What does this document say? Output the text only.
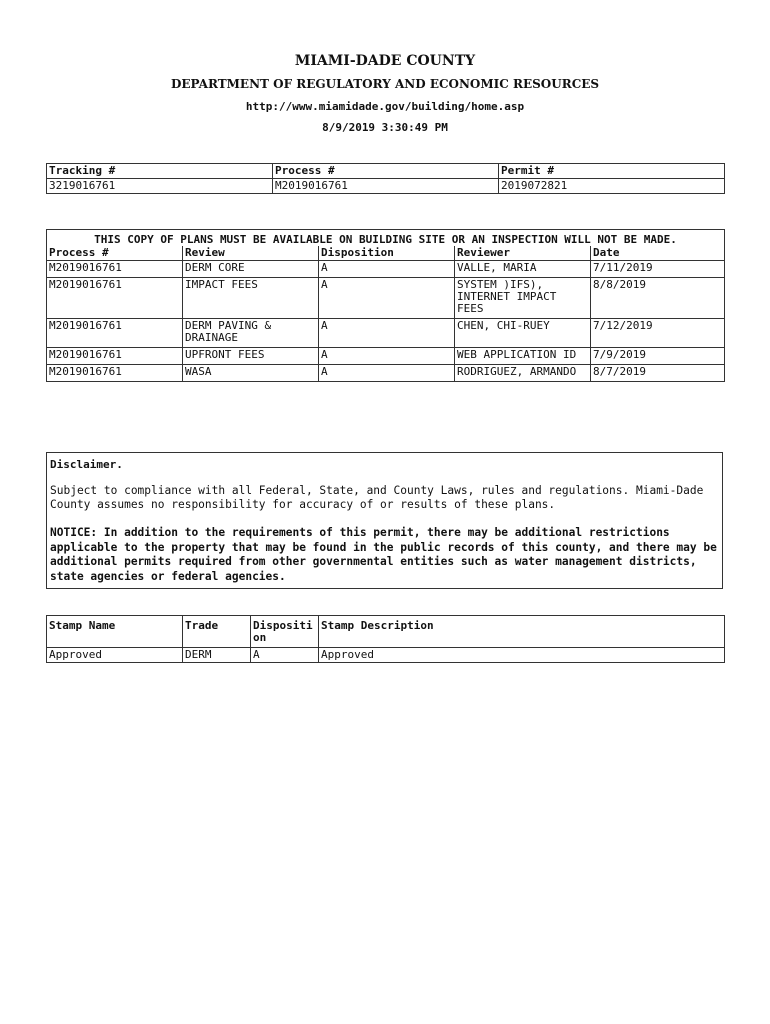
MIAMI-DADE COUNTY
DEPARTMENT OF REGULATORY AND ECONOMIC RESOURCES
http://www.miamidade.gov/building/home.asp
8/9/2019 3:30:49 PM
Tracking #	Process #	Permit #
3219016761	M2019016761	2019072821
THIS COPY OF PLANS MUST BE AVAILABLE ON BUILDING SITE OR AN INSPECTION WILL NOT BE MADE.				
Process #	Review	Disposition	Reviewer	Date
M2019016761	DERM CORE	A	VALLE, MARIA	7/11/2019
M2019016761	IMPACT FEES	A	SYSTEM )IFS), INTERNET IMPACT FEES	8/8/2019
M2019016761	DERM PAVING & DRAINAGE	A	CHEN, CHI-RUEY	7/12/2019
M2019016761	UPFRONT FEES	A	WEB APPLICATION ID	7/9/2019
M2019016761	WASA	A	RODRIGUEZ, ARMANDO	8/7/2019
Disclaimer.
Subject to compliance with all Federal, State, and County Laws, rules and regulations. Miami-Dade County assumes no responsibility for accuracy of or results of these plans.
NOTICE: In addition to the requirements of this permit, there may be additional restrictions applicable to the property that may be found in the public records of this county, and there may be additional permits required from other governmental entities such as water management districts, state agencies or federal agencies.
Stamp Name	Trade	Disposition	Stamp Description
Approved	DERM	A	Approved
